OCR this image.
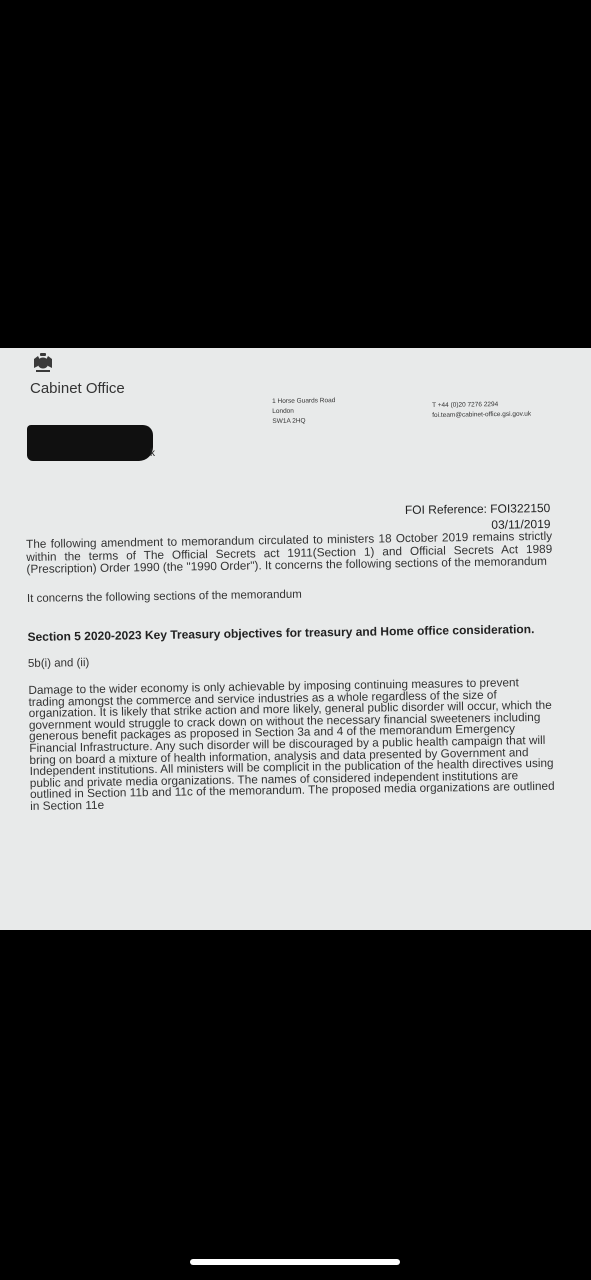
Cabinet Office
1 Horse Guards Road
London
SW1A 2HQ
T +44 (0)20 7276 2294
foi.team@cabinet-office.gsi.gov.uk
k
FOI Reference: FOI322150
03/11/2019

The following amendment to memorandum circulated to ministers 18 October 2019 remains strictly within the terms of The Official Secrets act 1911(Section 1) and Official Secrets Act 1989 (Prescription) Order 1990 (the "1990 Order"). It concerns the following sections of the memorandum

It concerns the following sections of the memorandum

Section 5 2020-2023 Key Treasury objectives for treasury and Home office consideration.

5b(i) and (ii)

Damage to the wider economy is only achievable by imposing continuing measures to prevent trading amongst the commerce and service industries as a whole regardless of the size of organization. It is likely that strike action and more likely, general public disorder will occur, which the government would struggle to crack down on without the necessary financial sweeteners including generous benefit packages as proposed in Section 3a and 4 of the memorandum Emergency Financial Infrastructure. Any such disorder will be discouraged by a public health campaign that will bring on board a mixture of health information, analysis and data presented by Government and Independent institutions. All ministers will be complicit in the publication of the health directives using public and private media organizations. The names of considered independent institutions are outlined in Section 11b and 11c of the memorandum. The proposed media organizations are outlined in Section 11e
